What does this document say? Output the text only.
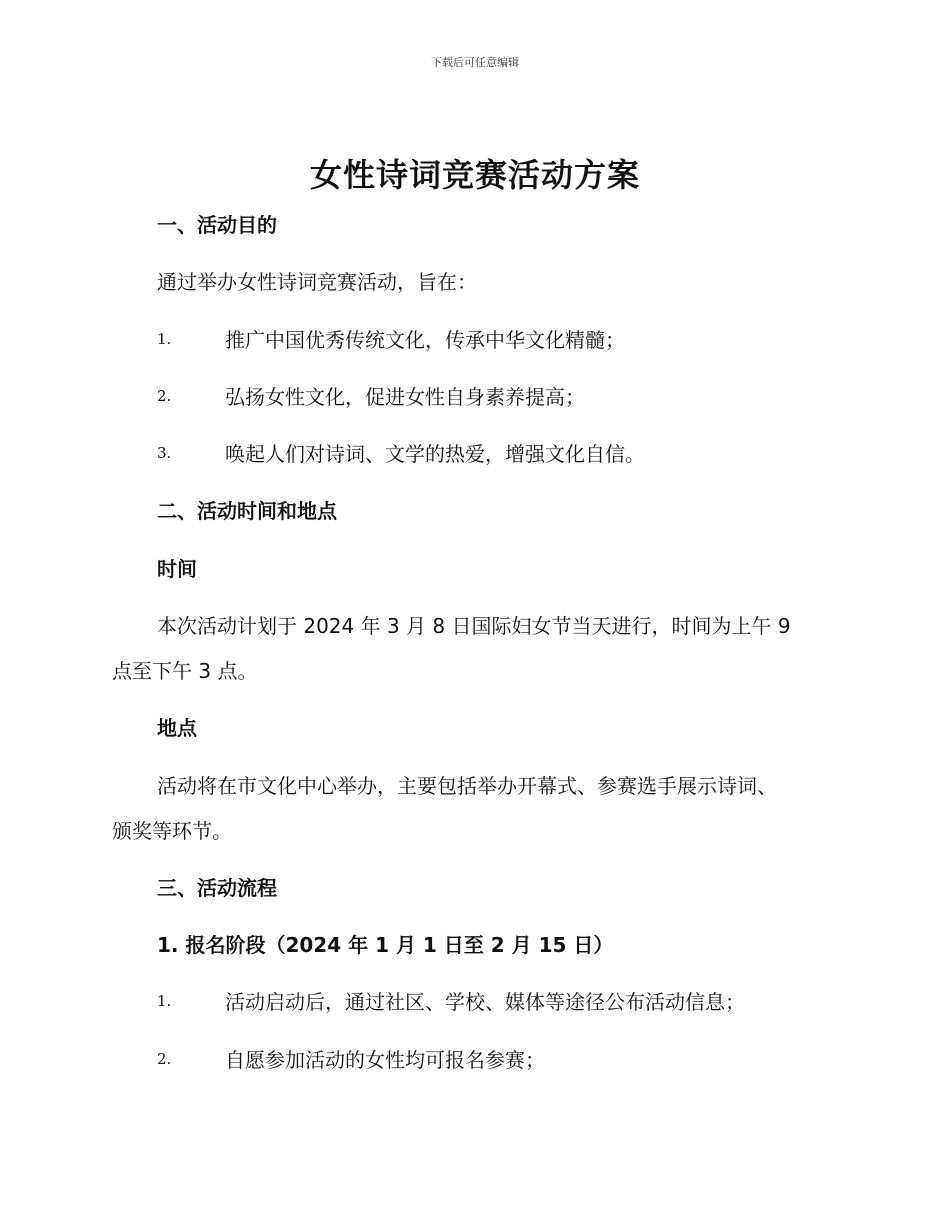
下载后可任意编辑
女性诗词竞赛活动方案
一、活动目的
通过举办女性诗词竞赛活动，旨在：
1.	推广中国优秀传统文化，传承中华文化精髓；
2.	弘扬女性文化，促进女性自身素养提高；
3.	唤起人们对诗词、文学的热爱，增强文化自信。
二、活动时间和地点
时间
本次活动计划于 2024 年 3 月 8 日国际妇女节当天进行，时间为上午 9
点至下午 3 点。
地点
活动将在市文化中心举办，主要包括举办开幕式、参赛选手展示诗词、
颁奖等环节。
三、活动流程
1. 报名阶段（2024 年 1 月 1 日至 2 月 15 日）
1.	活动启动后，通过社区、学校、媒体等途径公布活动信息；
2.	自愿参加活动的女性均可报名参赛；
